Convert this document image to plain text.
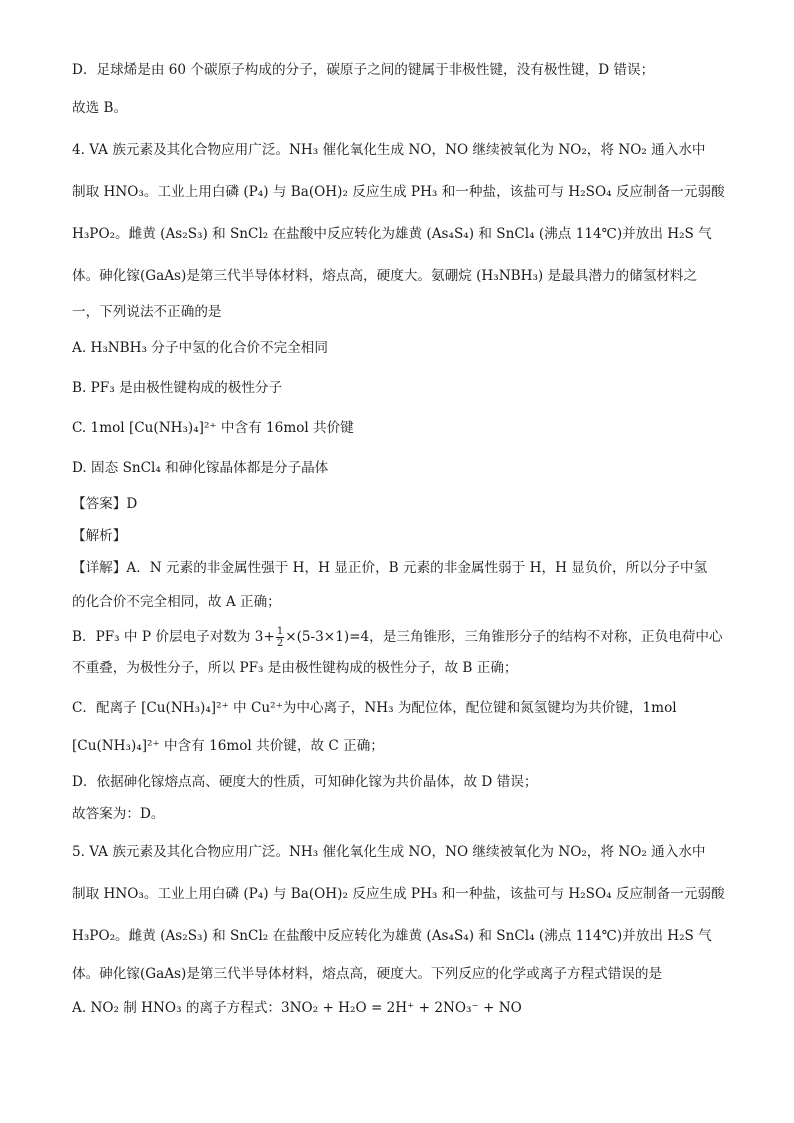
D．足球烯是由 60 个碳原子构成的分子，碳原子之间的键属于非极性键，没有极性键，D 错误；
故选 B。
4. VA 族元素及其化合物应用广泛。NH₃ 催化氧化生成 NO，NO 继续被氧化为 NO₂，将 NO₂ 通入水中
制取 HNO₃。工业上用白磷 (P₄) 与 Ba(OH)₂ 反应生成 PH₃ 和一种盐，该盐可与 H₂SO₄ 反应制备一元弱酸
H₃PO₂。雌黄 (As₂S₃) 和 SnCl₂ 在盐酸中反应转化为雄黄 (As₄S₄) 和 SnCl₄ (沸点 114℃)并放出 H₂S 气
体。砷化镓(GaAs)是第三代半导体材料，熔点高，硬度大。氨硼烷 (H₃NBH₃) 是最具潜力的储氢材料之
一，下列说法不正确的是
A. H₃NBH₃ 分子中氢的化合价不完全相同
B. PF₃ 是由极性键构成的极性分子
C. 1mol [Cu(NH₃)₄]²⁺ 中含有 16mol 共价键
D. 固态 SnCl₄ 和砷化镓晶体都是分子晶体
【答案】D
【解析】
【详解】A．N 元素的非金属性强于 H，H 显正价，B 元素的非金属性弱于 H，H 显负价，所以分子中氢
的化合价不完全相同，故 A 正确；
B．PF₃ 中 P 价层电子对数为 $3+ \frac{1}{2} \times(5-3\times 1)=4$，是三角锥形，三角锥形分子的结构不对称，正负电荷中心
不重叠，为极性分子，所以 PF₃ 是由极性键构成的极性分子，故 B 正确；
C．配离子 [Cu(NH₃)₄]²⁺ 中 Cu²⁺为中心离子，NH₃ 为配位体，配位键和氮氢键均为共价键，1mol
[Cu(NH₃)₄]²⁺ 中含有 16mol 共价键，故 C 正确；
D．依据砷化镓熔点高、硬度大的性质，可知砷化镓为共价晶体，故 D 错误；
故答案为：D。
5. VA 族元素及其化合物应用广泛。NH₃ 催化氧化生成 NO，NO 继续被氧化为 NO₂，将 NO₂ 通入水中
制取 HNO₃。工业上用白磷 (P₄) 与 Ba(OH)₂ 反应生成 PH₃ 和一种盐，该盐可与 H₂SO₄ 反应制备一元弱酸
H₃PO₂。雌黄 (As₂S₃) 和 SnCl₂ 在盐酸中反应转化为雄黄 (As₄S₄) 和 SnCl₄ (沸点 114℃)并放出 H₂S 气
体。砷化镓(GaAs)是第三代半导体材料，熔点高，硬度大。下列反应的化学或离子方程式错误的是
A. NO₂ 制 HNO₃ 的离子方程式：3NO₂ + H₂O = 2H⁺ + 2NO₃⁻ + NO
